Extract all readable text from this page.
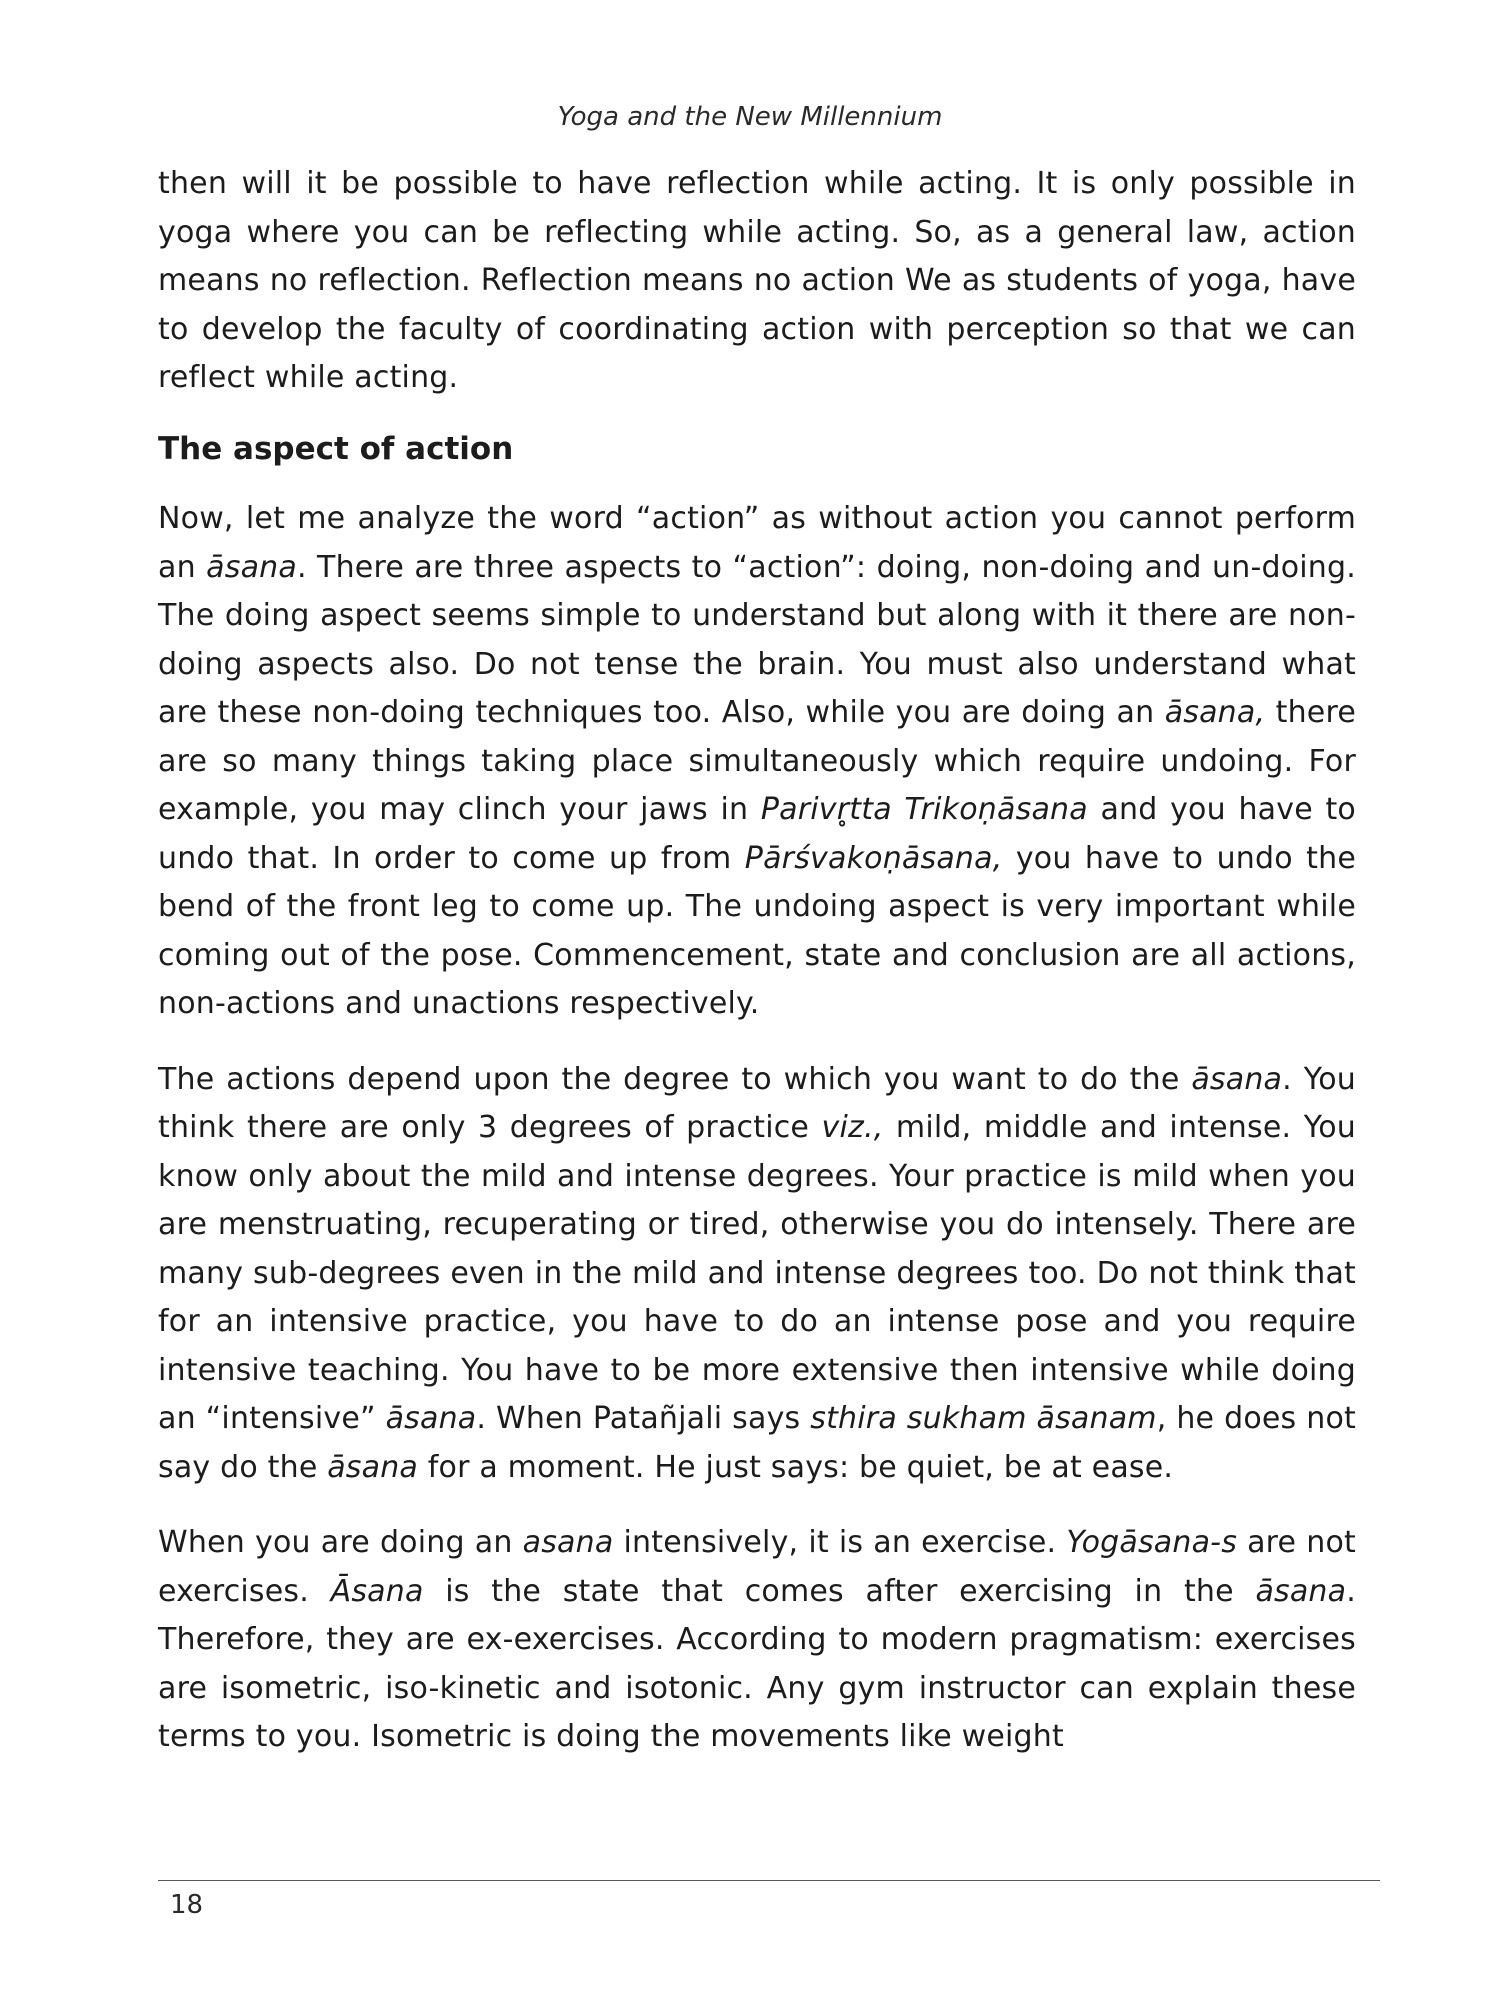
Yoga and the New Millennium

then will it be possible to have reflection while acting. It is only possible in yoga where you can be reflecting while acting. So, as a general law, action means no reflection. Reflection means no action We as students of yoga, have to develop the faculty of coordinating action with perception so that we can reflect while acting.

The aspect of action

Now, let me analyze the word “action” as without action you cannot perform an āsana. There are three aspects to “action”: doing, non-doing and un-doing. The doing aspect seems simple to understand but along with it there are non-doing aspects also. Do not tense the brain. You must also understand what are these non-doing techniques too. Also, while you are doing an āsana, there are so many things taking place simultaneously which require undoing. For example, you may clinch your jaws in Parivr̥tta Trikoṇāsana and you have to undo that. In order to come up from Pārśvakoṇāsana, you have to undo the bend of the front leg to come up. The undoing aspect is very important while coming out of the pose. Commencement, state and conclusion are all actions, non-actions and unactions respectively.

The actions depend upon the degree to which you want to do the āsana. You think there are only 3 degrees of practice viz., mild, middle and intense. You know only about the mild and intense degrees. Your practice is mild when you are menstruating, recuperating or tired, otherwise you do intensely. There are many sub-degrees even in the mild and intense degrees too. Do not think that for an intensive practice, you have to do an intense pose and you require intensive teaching. You have to be more extensive then intensive while doing an “intensive” āsana. When Patañjali says sthira sukham āsanam, he does not say do the āsana for a moment. He just says: be quiet, be at ease.

When you are doing an asana intensively, it is an exercise. Yogāsana-s are not exercises. Āsana is the state that comes after exercising in the āsana. Therefore, they are ex-exercises. According to modern pragmatism: exercises are isometric, iso-kinetic and isotonic. Any gym instructor can explain these terms to you. Isometric is doing the movements like weight

18
